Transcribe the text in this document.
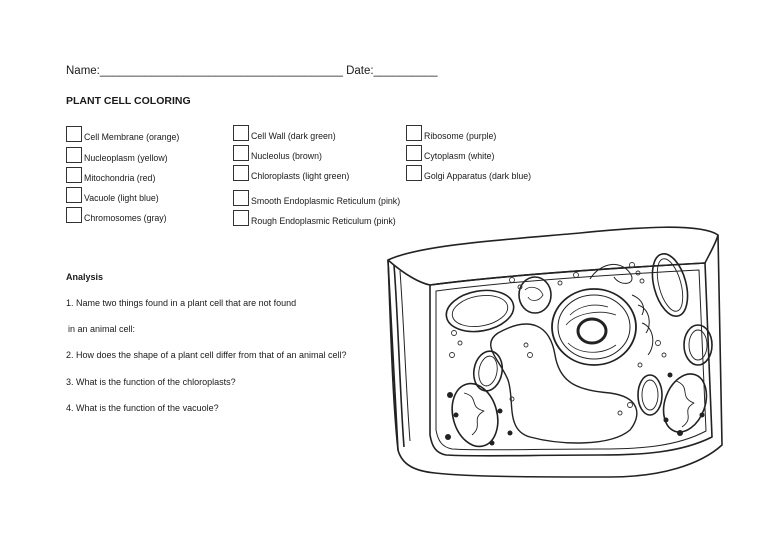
Name:______________________________________ Date:__________
PLANT CELL COLORING
Cell Membrane (orange)
Nucleoplasm (yellow)
Mitochondria (red)
Vacuole (light blue)
Chromosomes (gray)
Cell Wall (dark green)
Nucleolus (brown)
Chloroplasts (light green)
Smooth Endoplasmic Reticulum (pink)
Rough Endoplasmic Reticulum (pink)
Ribosome (purple)
Cytoplasm (white)
Golgi Apparatus (dark blue)
Analysis
1. Name two things found in a plant cell that are not found
in an animal cell:
2. How does the shape of a plant cell differ from that of an animal cell?
3. What is the function of the chloroplasts?
4. What is the function of the vacuole?
